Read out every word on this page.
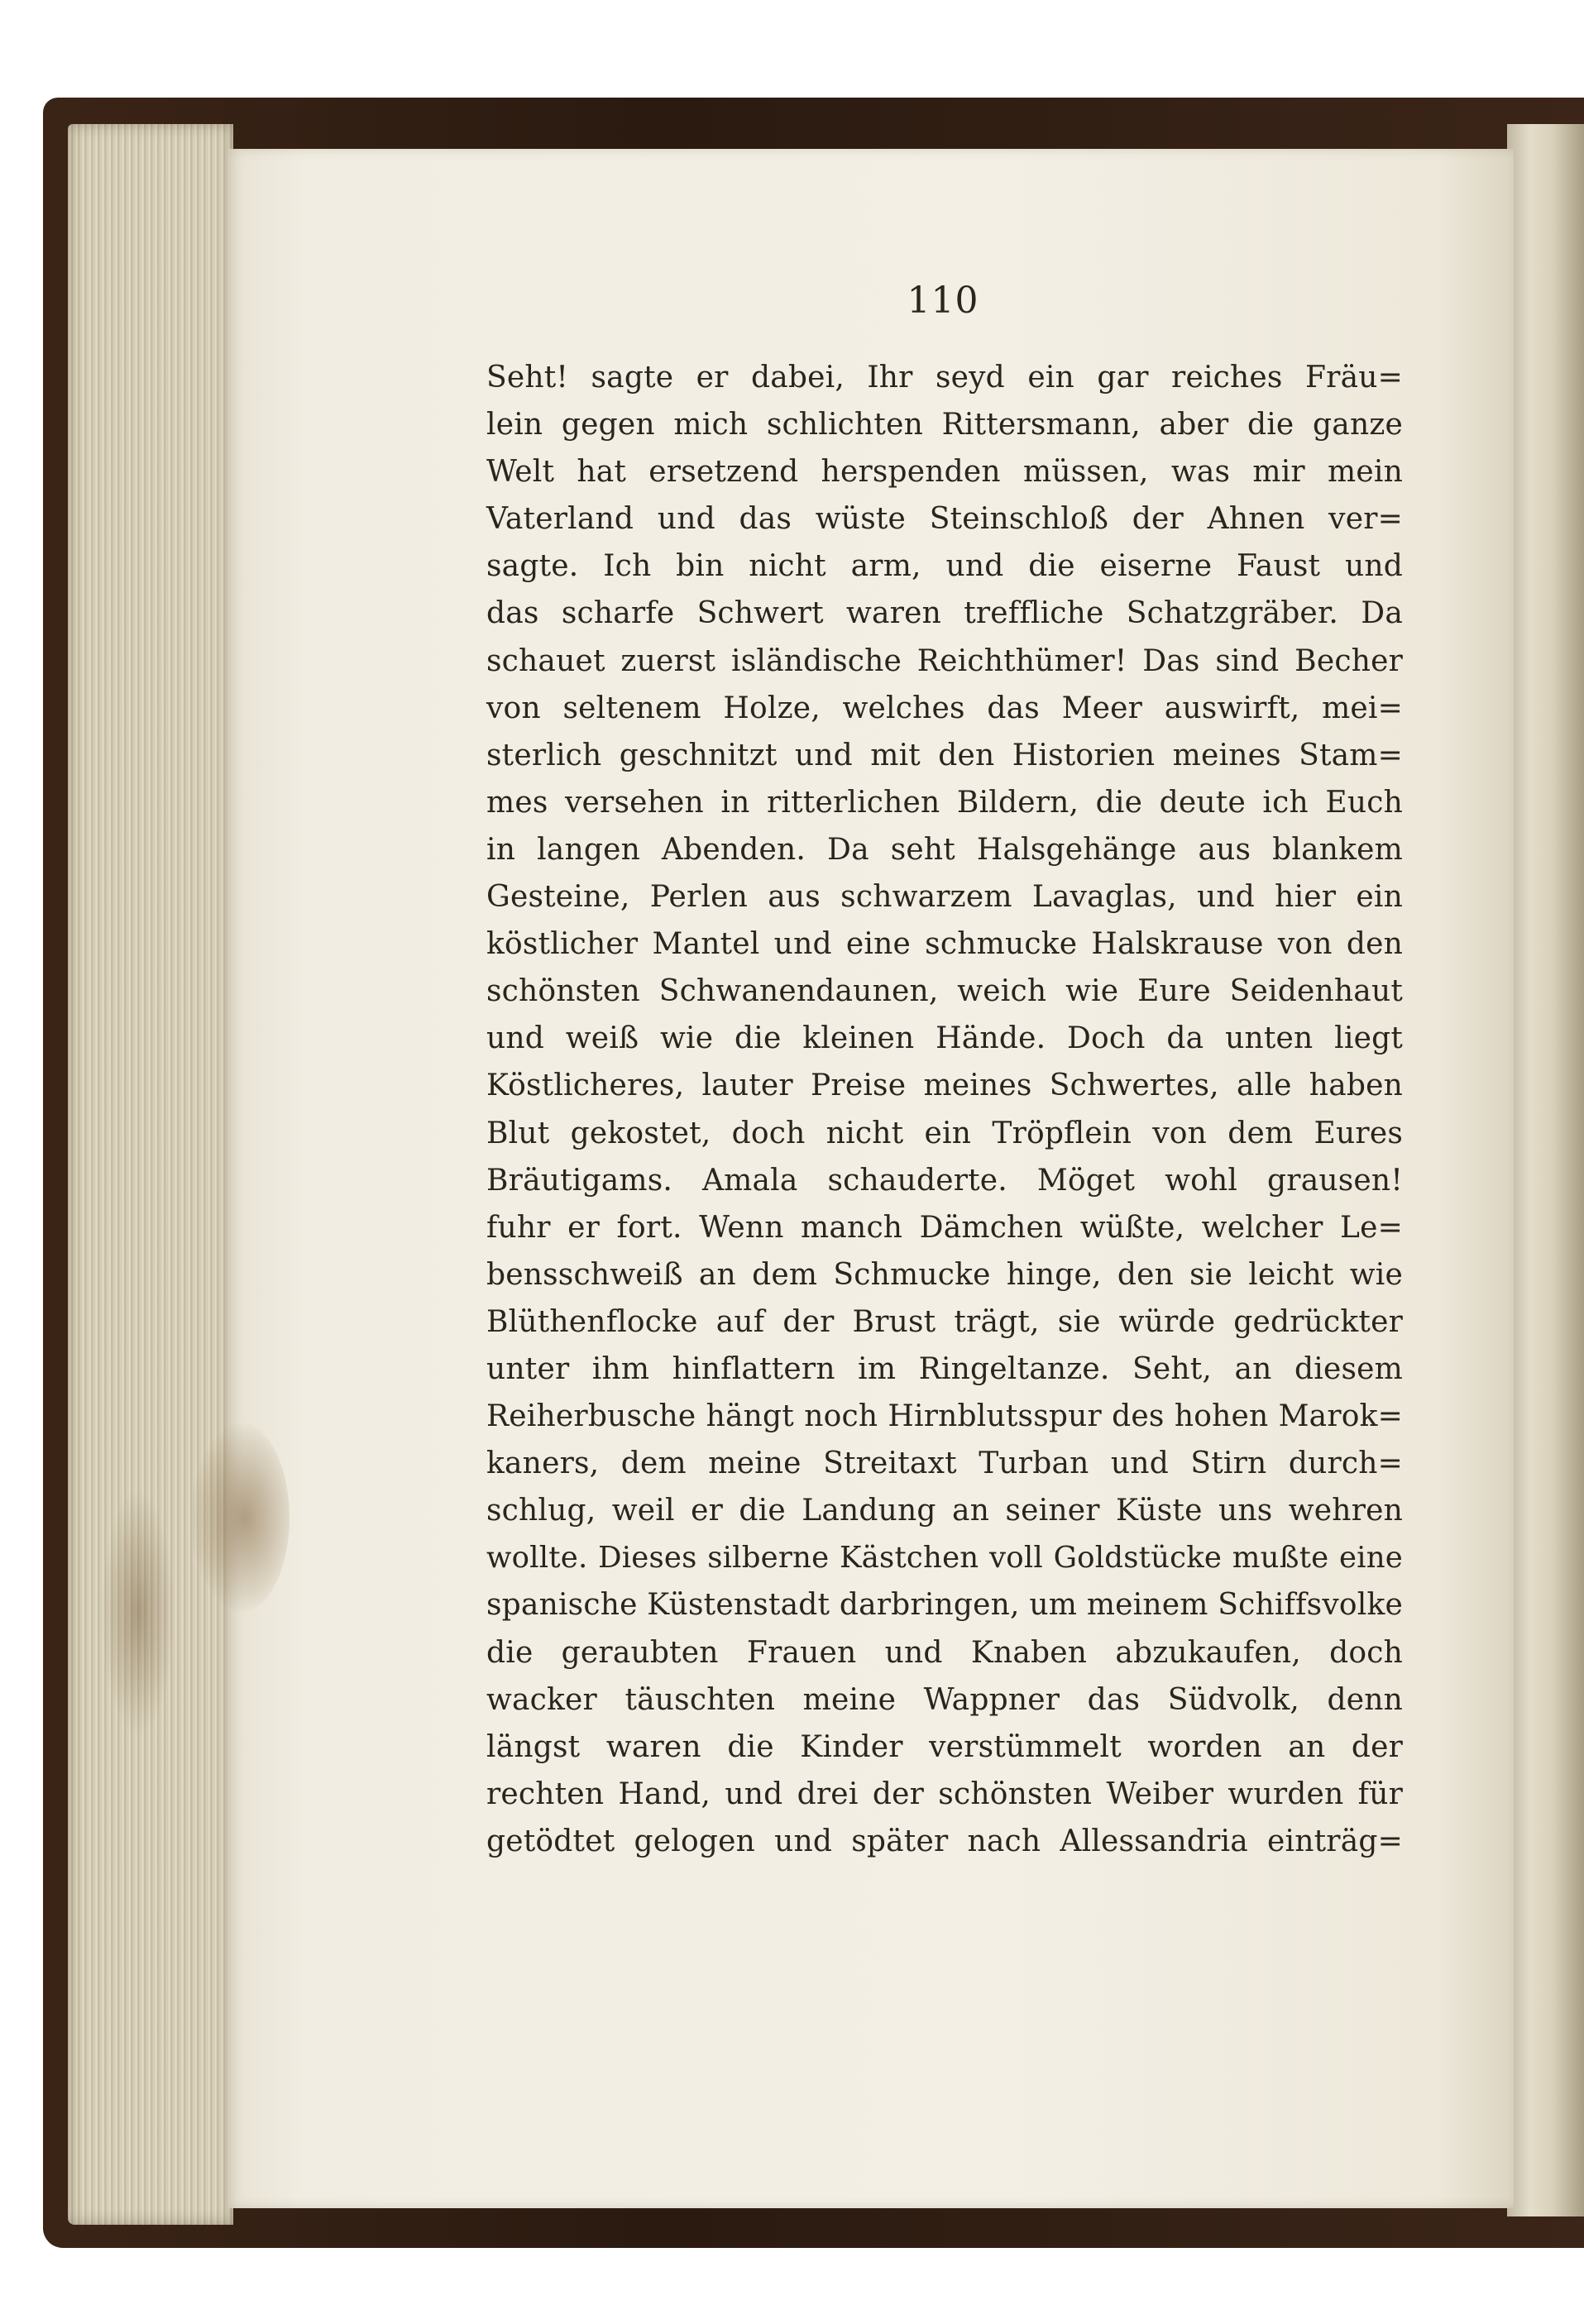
110
Seht! sagte er dabei, Ihr seyd ein gar reiches Fräu=
lein gegen mich schlichten Rittersmann, aber die ganze
Welt hat ersetzend herspenden müssen, was mir mein
Vaterland und das wüste Steinschloß der Ahnen ver=
sagte. Ich bin nicht arm, und die eiserne Faust und
das scharfe Schwert waren treffliche Schatzgräber. Da
schauet zuerst isländische Reichthümer! Das sind Becher
von seltenem Holze, welches das Meer auswirft, mei=
sterlich geschnitzt und mit den Historien meines Stam=
mes versehen in ritterlichen Bildern, die deute ich Euch
in langen Abenden. Da seht Halsgehänge aus blankem
Gesteine, Perlen aus schwarzem Lavaglas, und hier ein
köstlicher Mantel und eine schmucke Halskrause von den
schönsten Schwanendaunen, weich wie Eure Seidenhaut
und weiß wie die kleinen Hände. Doch da unten liegt
Köstlicheres, lauter Preise meines Schwertes, alle haben
Blut gekostet, doch nicht ein Tröpflein von dem Eures
Bräutigams. Amala schauderte. Möget wohl grausen!
fuhr er fort. Wenn manch Dämchen wüßte, welcher Le=
bensschweiß an dem Schmucke hinge, den sie leicht wie
Blüthenflocke auf der Brust trägt, sie würde gedrückter
unter ihm hinflattern im Ringeltanze. Seht, an diesem
Reiherbusche hängt noch Hirnblutsspur des hohen Marok=
kaners, dem meine Streitaxt Turban und Stirn durch=
schlug, weil er die Landung an seiner Küste uns wehren
wollte. Dieses silberne Kästchen voll Goldstücke mußte eine
spanische Küstenstadt darbringen, um meinem Schiffsvolke
die geraubten Frauen und Knaben abzukaufen, doch
wacker täuschten meine Wappner das Südvolk, denn
längst waren die Kinder verstümmelt worden an der
rechten Hand, und drei der schönsten Weiber wurden für
getödtet gelogen und später nach Allessandria einträg=
